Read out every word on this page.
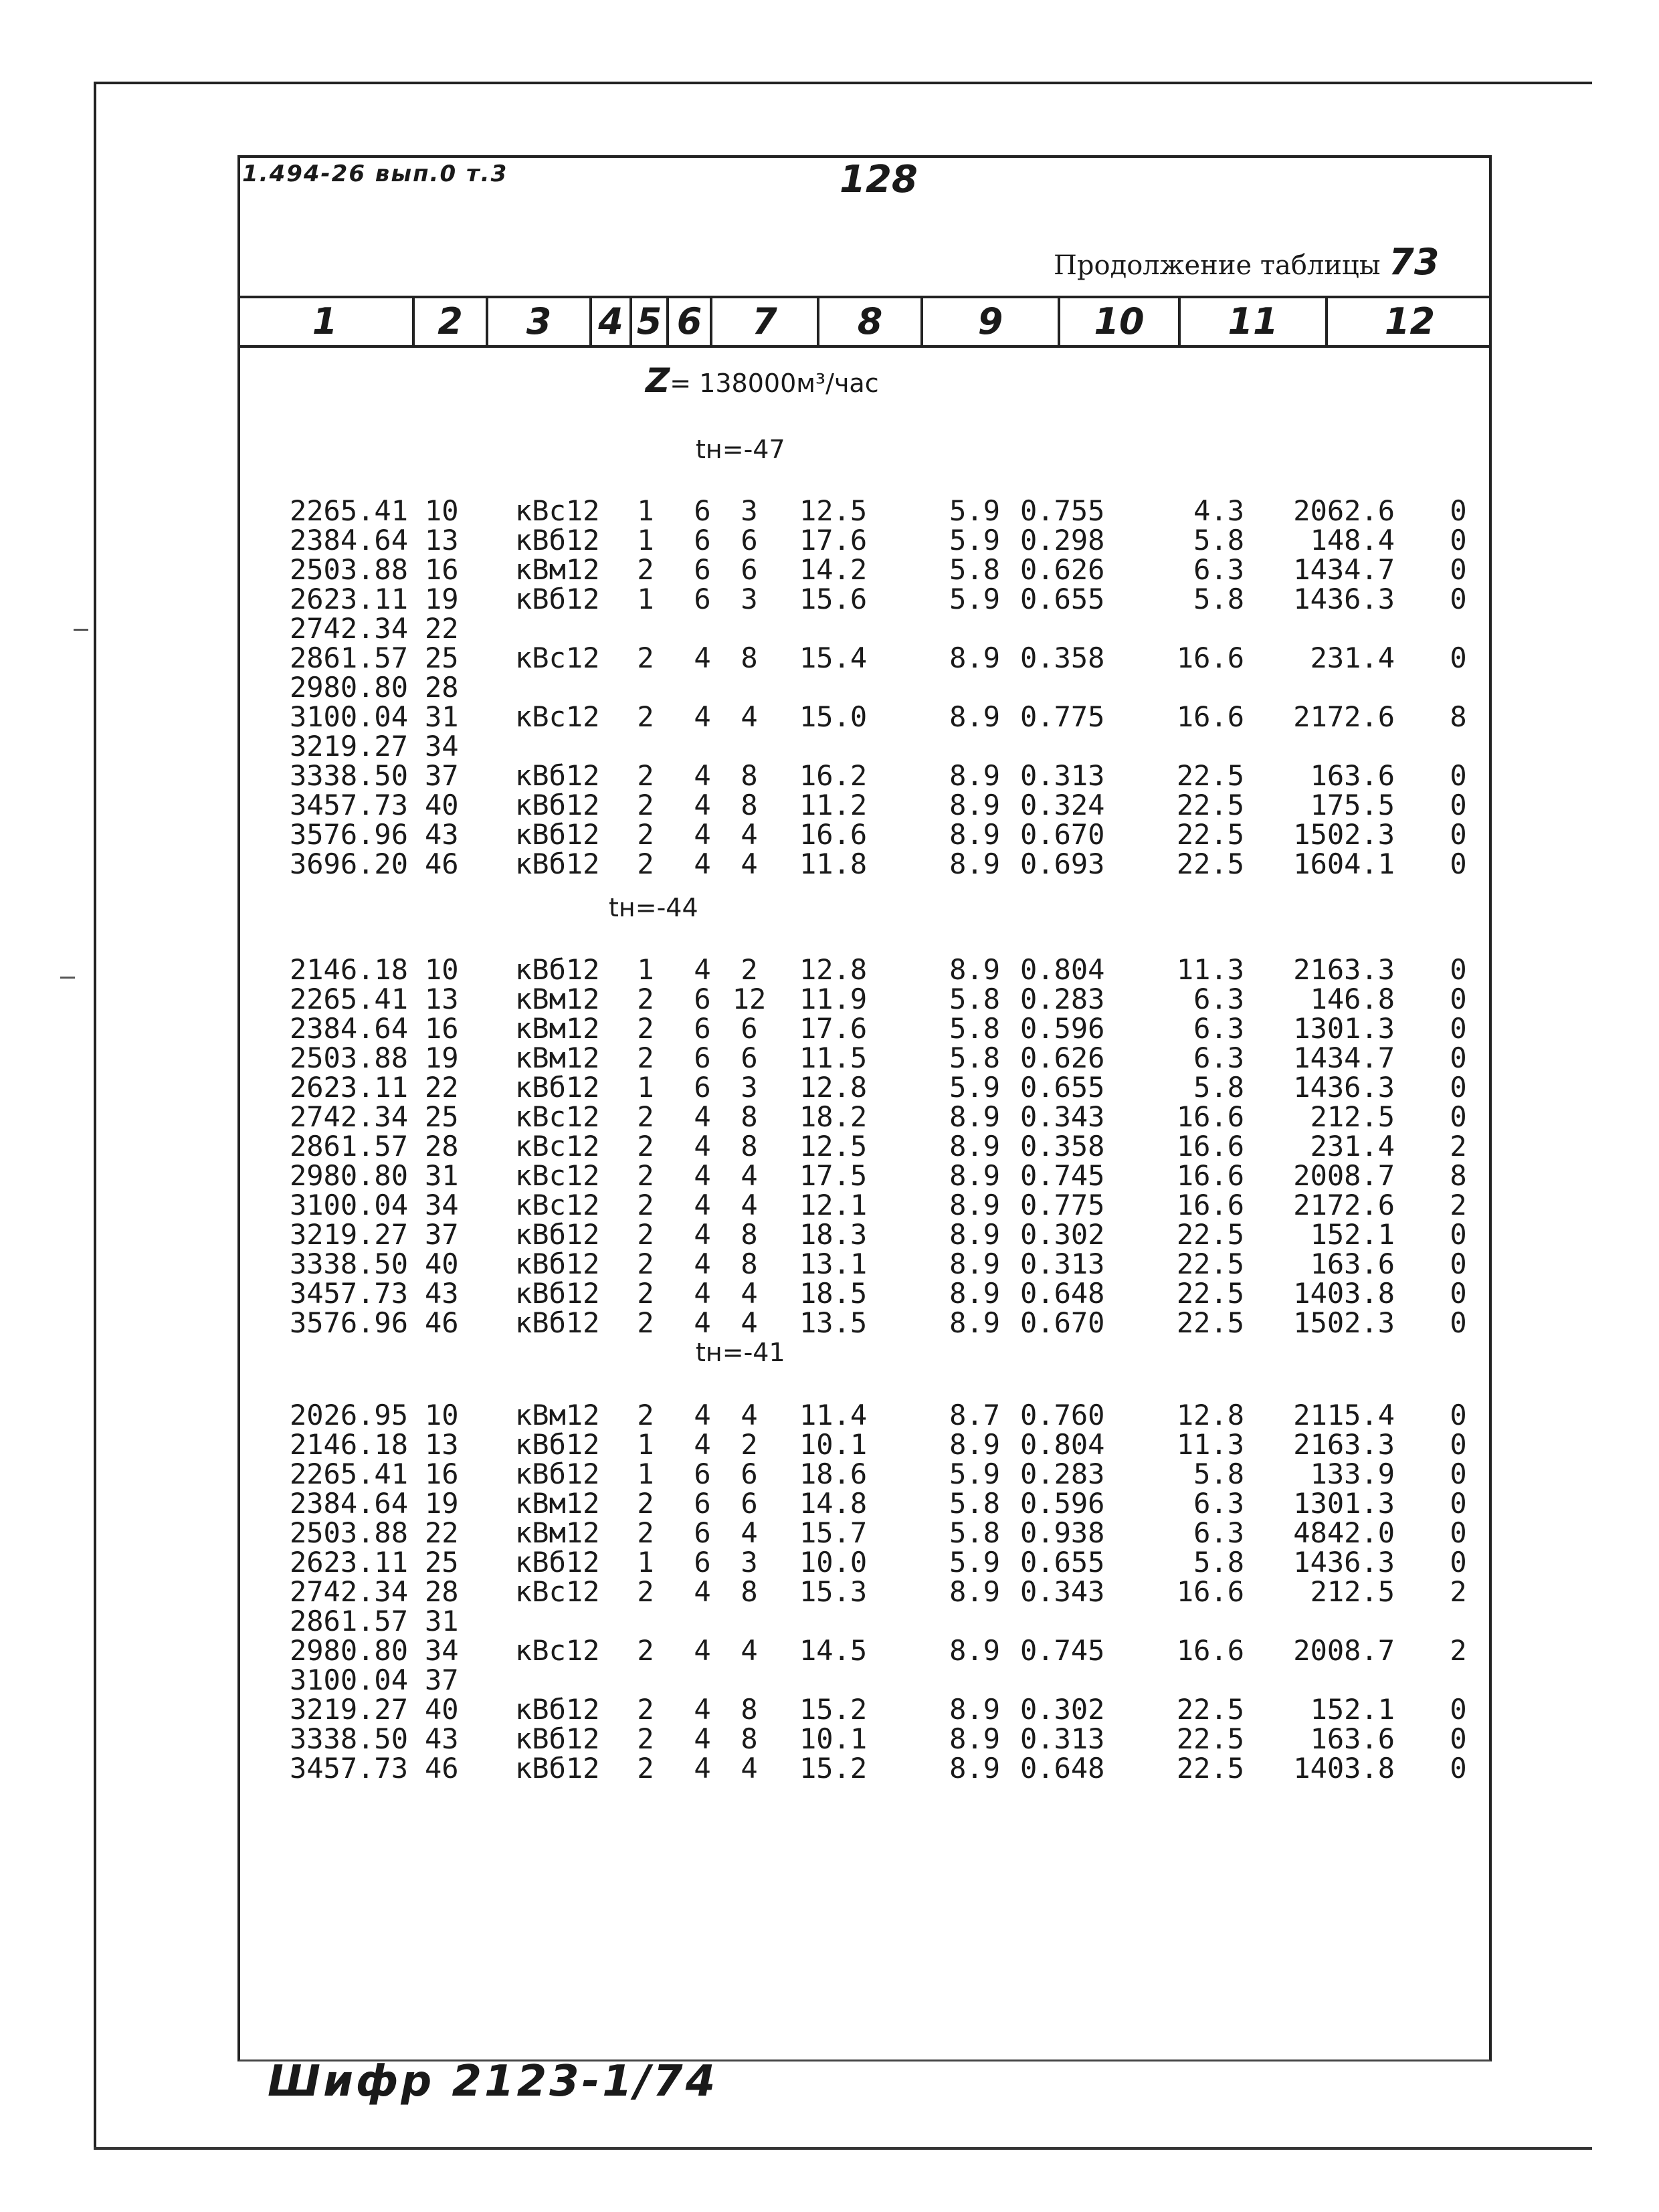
1.494-26 вып.0 т.3	128
Продолжение таблицы 73
1	2	3	4 5 6	7	8	9	10	11	12
Z= 138000м³/час
tн=-47
2265.41 10	кВс12	1 6	3	12.5	5.9 0.755	4.3	2062.6	0
2384.64 13	кВб12	1 6	6	17.6	5.9 0.298	5.8	148.4	0
2503.88 16	кВм12	2 6	6	14.2	5.8 0.626	6.3	1434.7	0
2623.11 19	кВб12	1 6	3	15.6	5.9 0.655	5.8	1436.3	0
2742.34 22
2861.57 25	кВс12	2 4	8	15.4	8.9 0.358	16.6	231.4	0
2980.80 28
3100.04 31	кВс12	2 4	4	15.0	8.9 0.775	16.6	2172.6	8
3219.27 34
3338.50 37	кВб12	2 4	8	16.2	8.9 0.313	22.5	163.6	0
3457.73 40	кВб12	2 4	8	11.2	8.9 0.324	22.5	175.5	0
3576.96 43	кВб12	2 4	4	16.6	8.9 0.670	22.5	1502.3	0
3696.20 46	кВб12	2 4	4	11.8	8.9 0.693	22.5	1604.1	0
tн=-44
2146.18 10	кВб12	1 4	2	12.8	8.9 0.804	11.3	2163.3	0
2265.41 13	кВм12	2 6 12 11.9	5.8 0.283	6.3	146.8	0
2384.64 16	кВм12	2 6	6	17.6	5.8 0.596	6.3	1301.3	0
2503.88 19	кВм12	2 6	6	11.5	5.8 0.626	6.3	1434.7	0
2623.11 22	кВб12	1 6	3	12.8	5.9 0.655	5.8	1436.3	0
2742.34 25	кВс12	2 4	8	18.2	8.9 0.343	16.6	212.5	0
2861.57 28	кВс12	2 4	8	12.5	8.9 0.358	16.6	231.4	2
2980.80 31	кВс12	2 4	4	17.5	8.9 0.745	16.6	2008.7	8
3100.04 34	кВс12	2 4	4	12.1	8.9 0.775	16.6	2172.6	2
3219.27 37	кВб12	2 4	8	18.3	8.9 0.302	22.5	152.1	0
3338.50 40	кВб12	2 4	8	13.1	8.9 0.313	22.5	163.6	0
3457.73 43	кВб12	2 4	4	18.5	8.9 0.648	22.5	1403.8	0
3576.96 46	кВб12	2 4	4	13.5	8.9 0.670	22.5	1502.3	0
tн=-41
2026.95 10	кВм12	2 4	4	11.4	8.7 0.760	12.8	2115.4	0
2146.18 13	кВб12	1 4	2	10.1	8.9 0.804	11.3	2163.3	0
2265.41 16	кВб12	1 6	6	18.6	5.9 0.283	5.8	133.9	0
2384.64 19	кВм12	2 6	6	14.8	5.8 0.596	6.3	1301.3	0
2503.88 22	кВм12	2 6	4	15.7	5.8 0.938	6.3	4842.0	0
2623.11 25	кВб12	1 6	3	10.0	5.9 0.655	5.8	1436.3	0
2742.34 28	кВс12	2 4	8	15.3	8.9 0.343	16.6	212.5	2
2861.57 31
2980.80 34	кВс12	2 4	4	14.5	8.9 0.745	16.6	2008.7	2
3100.04 37
3219.27 40	кВб12	2 4	8	15.2	8.9 0.302	22.5	152.1	0
3338.50 43	кВб12	2 4	8	10.1	8.9 0.313	22.5	163.6	0
3457.73 46	кВб12	2 4	4	15.2	8.9 0.648	22.5	1403.8	0
Шифр 2123-1/74
